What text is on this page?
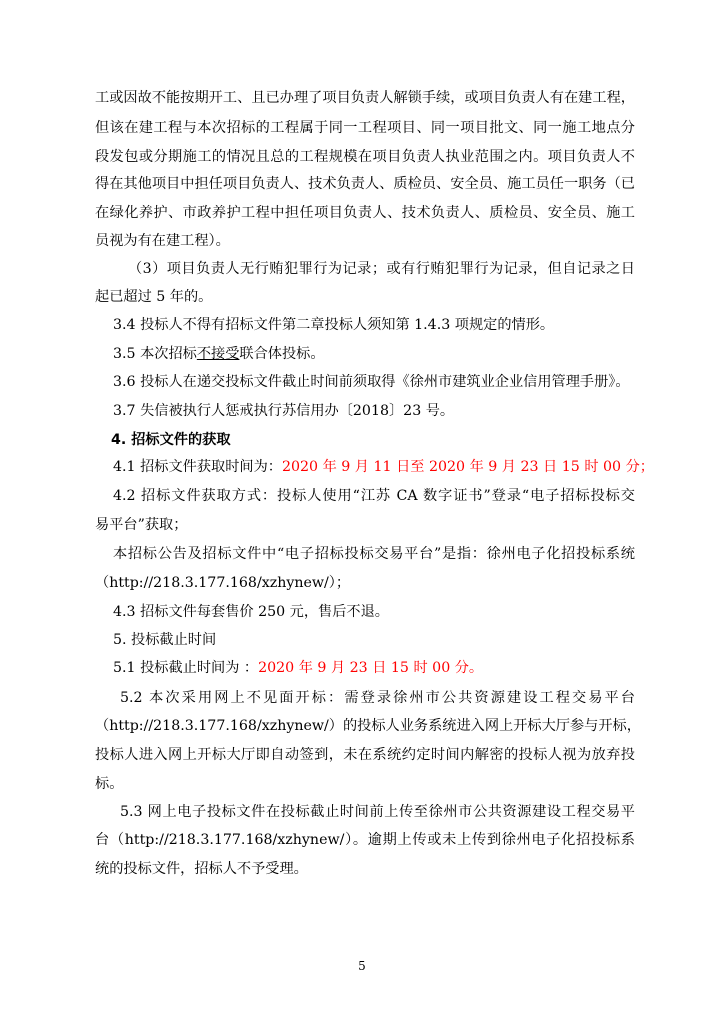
工或因故不能按期开工、且已办理了项目负责人解锁手续，或项目负责人有在建工程，
但该在建工程与本次招标的工程属于同一工程项目、同一项目批文、同一施工地点分
段发包或分期施工的情况且总的工程规模在项目负责人执业范围之内。项目负责人不
得在其他项目中担任项目负责人、技术负责人、质检员、安全员、施工员任一职务（已
在绿化养护、市政养护工程中担任项目负责人、技术负责人、质检员、安全员、施工
员视为有在建工程）。
（3）项目负责人无行贿犯罪行为记录；或有行贿犯罪行为记录，但自记录之日
起已超过 5 年的。
3.4 投标人不得有招标文件第二章投标人须知第 1.4.3 项规定的情形。
3.5 本次招标不接受联合体投标。
3.6 投标人在递交投标文件截止时间前须取得《徐州市建筑业企业信用管理手册》。
3.7 失信被执行人惩戒执行苏信用办〔2018〕23 号。
4. 招标文件的获取
4.1 招标文件获取时间为：2020 年 9 月 11 日至 2020 年 9 月 23 日 15 时 00 分；
4.2 招标文件获取方式：投标人使用“江苏 CA 数字证书”登录“电子招标投标交
易平台”获取；
本招标公告及招标文件中“电子招标投标交易平台”是指：徐州电子化招投标系统
（http://218.3.177.168/xzhynew/）；
4.3 招标文件每套售价 250 元，售后不退。
5. 投标截止时间
5.1 投标截止时间为 ：2020 年 9 月 23 日 15 时 00 分。
5.2 本次采用网上不见面开标：需登录徐州市公共资源建设工程交易平台
（http://218.3.177.168/xzhynew/）的投标人业务系统进入网上开标大厅参与开标，
投标人进入网上开标大厅即自动签到，未在系统约定时间内解密的投标人视为放弃投
标。
5.3 网上电子投标文件在投标截止时间前上传至徐州市公共资源建设工程交易平
台（http://218.3.177.168/xzhynew/）。逾期上传或未上传到徐州电子化招投标系
统的投标文件，招标人不予受理。
5
